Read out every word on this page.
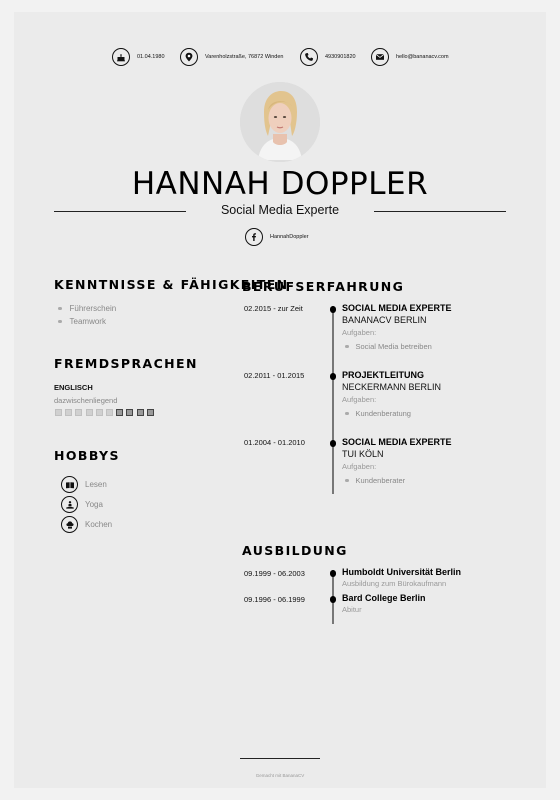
01.04.1980	Varenholzstraße, 76872 Winden	4930901820	hello@bananacv.com
HANNAH DOPPLER
Social Media Experte
HannahDoppler
KENNTNISSE & FÄHIGKEITEN
Führerschein
Teamwork
FREMDSPRACHEN
ENGLISCH
dazwischenliegend
HOBBYS
Lesen
Yoga
Kochen
BERUFSERFAHRUNG
02.2015 - zur Zeit	SOCIAL MEDIA EXPERTE
BANANACV BERLIN
Aufgaben:
Social Media betreiben
02.2011 - 01.2015	PROJEKTLEITUNG
NECKERMANN BERLIN
Aufgaben:
Kundenberatung
01.2004 - 01.2010	SOCIAL MEDIA EXPERTE
TUI KÖLN
Aufgaben:
Kundenberater
AUSBILDUNG
09.1999 - 06.2003	Humboldt Universität Berlin
Ausbildung zum Bürokaufmann
09.1996 - 06.1999	Bard College Berlin
Abitur
Gemacht mit BananaCV
